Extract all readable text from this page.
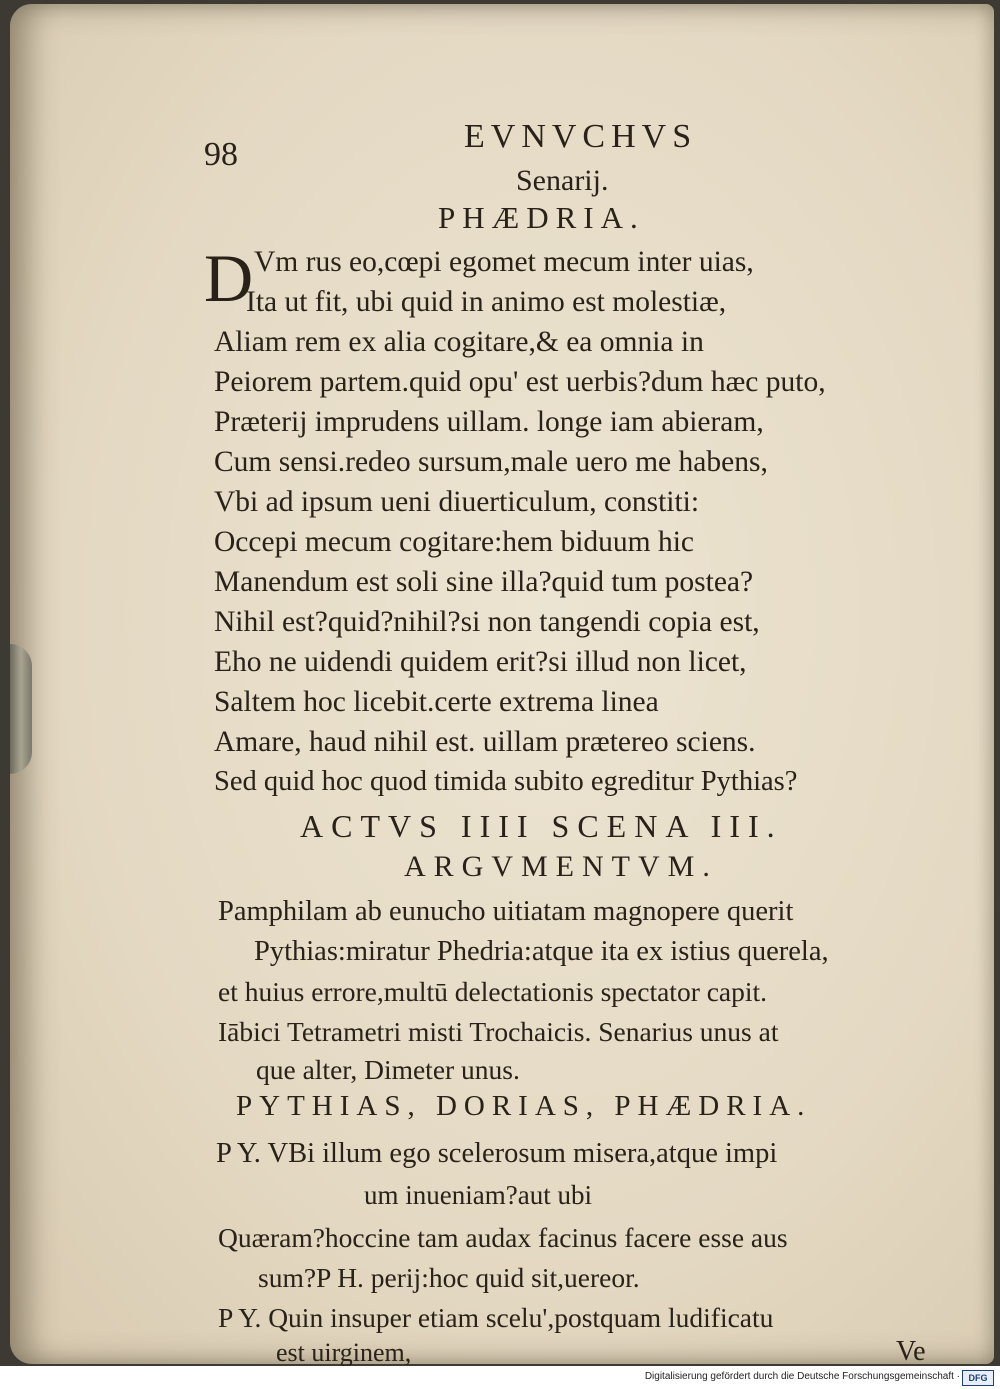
98	EVNVCHVS
Senarij.
PHÆDRIA.
D Vm rus eo,cœpi egomet mecum inter uias,
Ita ut fit, ubi quid in animo est molestiæ,
Aliam rem ex alia cogitare,& ea omnia in
Peiorem partem.quid opu' est uerbis?dum hæc puto,
Præterij imprudens uillam. longe iam abieram,
Cum sensi.redeo sursum,male uero me habens,
Vbi ad ipsum ueni diuerticulum, constiti:
Occepi mecum cogitare:hem biduum hic
Manendum est soli sine illa?quid tum postea?
Nihil est?quid?nihil?si non tangendi copia est,
Eho ne uidendi quidem erit?si illud non licet,
Saltem hoc licebit.certe extrema linea
Amare, haud nihil est. uillam prætereo sciens.
Sed quid hoc quod timida subito egreditur Pythias?
ACTVS IIII SCENA III.
ARGVMENTVM.
Pamphilam ab eunucho uitiatam magnopere querit
Pythias:miratur Phedria:atque ita ex istius querela,
et huius errore,multū delectationis spectator capit.
Iābici Tetrametri misti Trochaicis. Senarius unus at
que alter, Dimeter unus.
PYTHIAS, DORIAS, PHÆDRIA.
P Y. VBi illum ego scelerosum misera,atque impi
um inueniam?aut ubi
Quæram?hoccine tam audax facinus facere esse aus
sum?P H. perij:hoc quid sit,uereor.
P Y. Quin insuper etiam scelu',postquam ludificatu
est uirginem,	Ve
Digitalisierung gefördert durch die Deutsche Forschungsgemeinschaft · DFG
